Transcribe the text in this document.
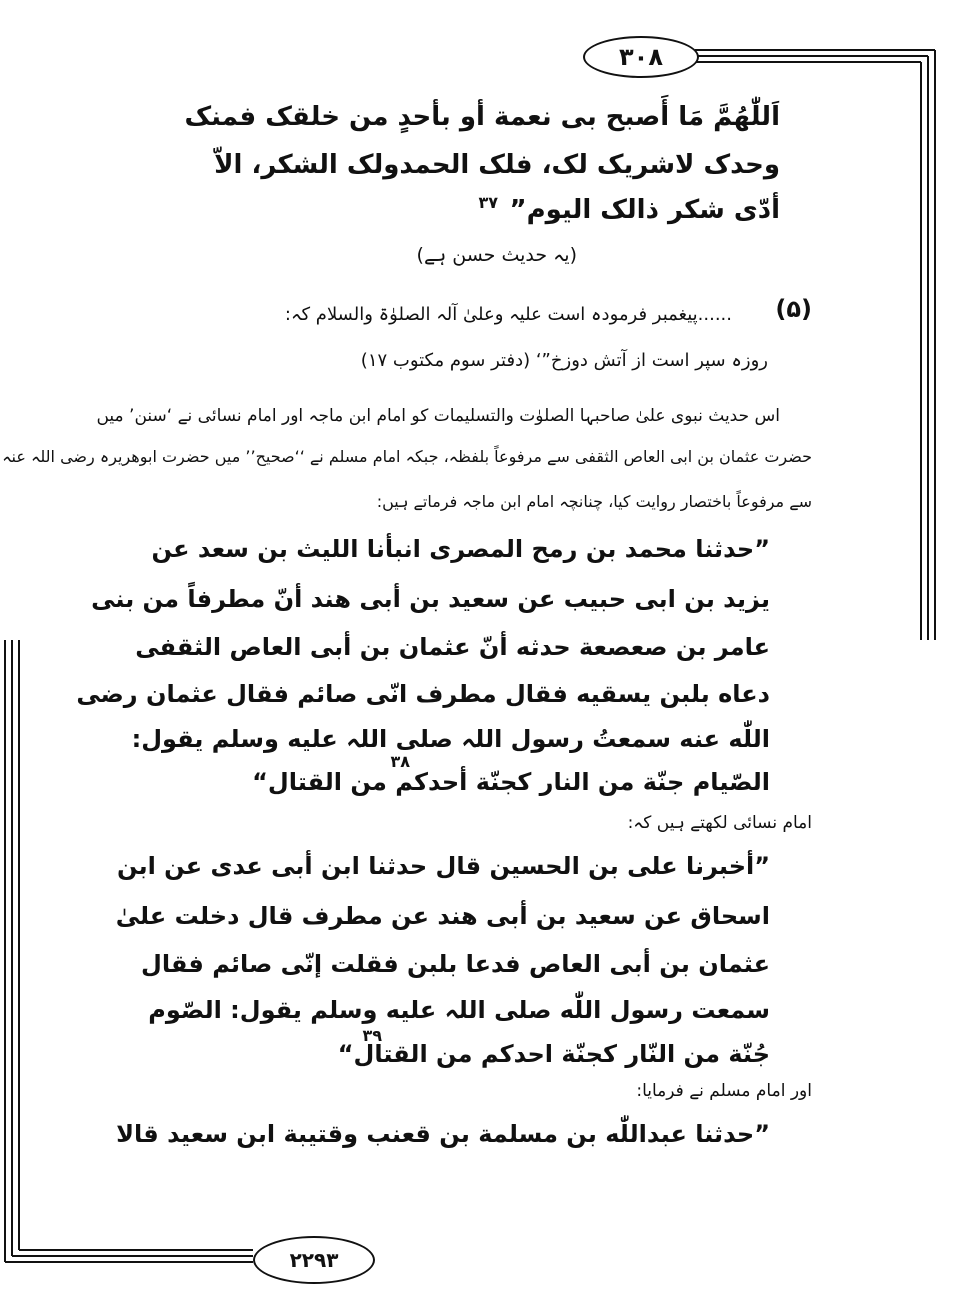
۳۰۸
اَللّٰھُمَّ مَا أَصبح بی نعمة أو بأحدٍ من خلقک فمنک
وحدک لاشریک لک، فلک الحمدولک الشکر، الاّ
أدّی شکر ذالک الیوم”
۳۷
(یہ حدیث حسن ہے)
(۵)
......پیغمبر فرمودہ است علیہ وعلیٰ آلہ الصلوٰۃ والسلام کہ:
روزہ سپر است از آتش دوزخ”‘ (دفتر سوم مکتوب ۱۷)
اس حدیث نبوی علیٰ صاحبہا الصلوٰت والتسلیمات کو امام ابن ماجہ اور امام نسائی نے ‘سنن’ میں
حضرت عثمان بن ابی العاص الثقفی سے مرفوعاً بلفظہ، جبکہ امام مسلم نے ‘‘صحیح’’ میں حضرت ابوھریرہ رضی اللہ عنہ
سے مرفوعاً باختصار روایت کیا، چنانچہ امام ابن ماجہ فرماتے ہیں:
”حدثنا محمد بن رمح المصری انبأنا اللیث بن سعد عن
یزید بن ابی حبیب عن سعید بن أبی ھند أنّ مطرفاً من بنی
عامر بن صعصعة حدثه أنّ عثمان بن أبی العاص الثقفی
دعاه بلبن یسقیه فقال مطرف انّی صائم فقال عثمان رضی
اللّٰه عنه سمعتُ رسول اللہ صلی اللہ علیه وسلم یقول:
الصّیام جنّة من النار کجنّة أحدکم من القتال“
۳۸
امام نسائی لکھتے ہیں کہ:
”أخبرنا علی بن الحسین قال حدثنا ابن أبی عدی عن ابن
اسحاق عن سعید بن أبی ھند عن مطرف قال دخلت علیٰ
عثمان بن أبی العاص فدعا بلبن فقلت إنّی صائم فقال
سمعت رسول اللّٰه صلی اللہ علیه وسلم یقول: الصّوم
جُنّة من النّار کجنّة احدکم من القتال“
۳۹
اور امام مسلم نے فرمایا:
”حدثنا عبداللّٰه بن مسلمة بن قعنب وقتیبة ابن سعید قالا
۲۲۹۳
